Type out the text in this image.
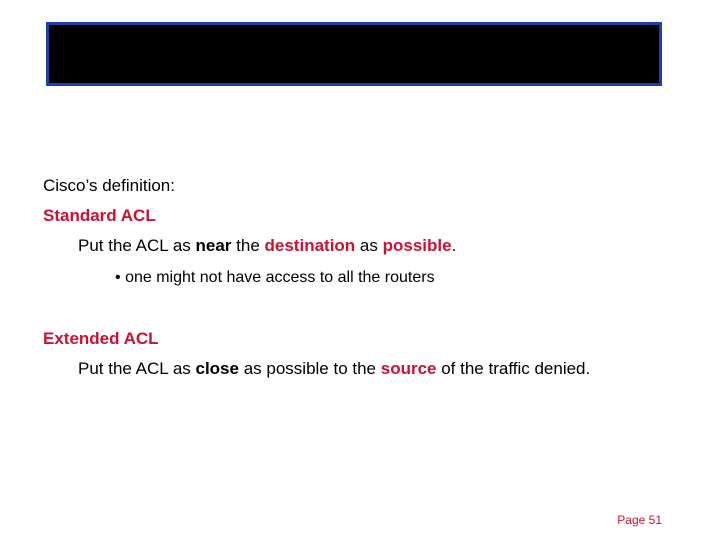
Cisco’s definition:
Standard ACL
Put the ACL as near the destination as possible.
• one might not have access to all the routers
Extended ACL
Put the ACL as close as possible to the source of the traffic denied.
Page 51
